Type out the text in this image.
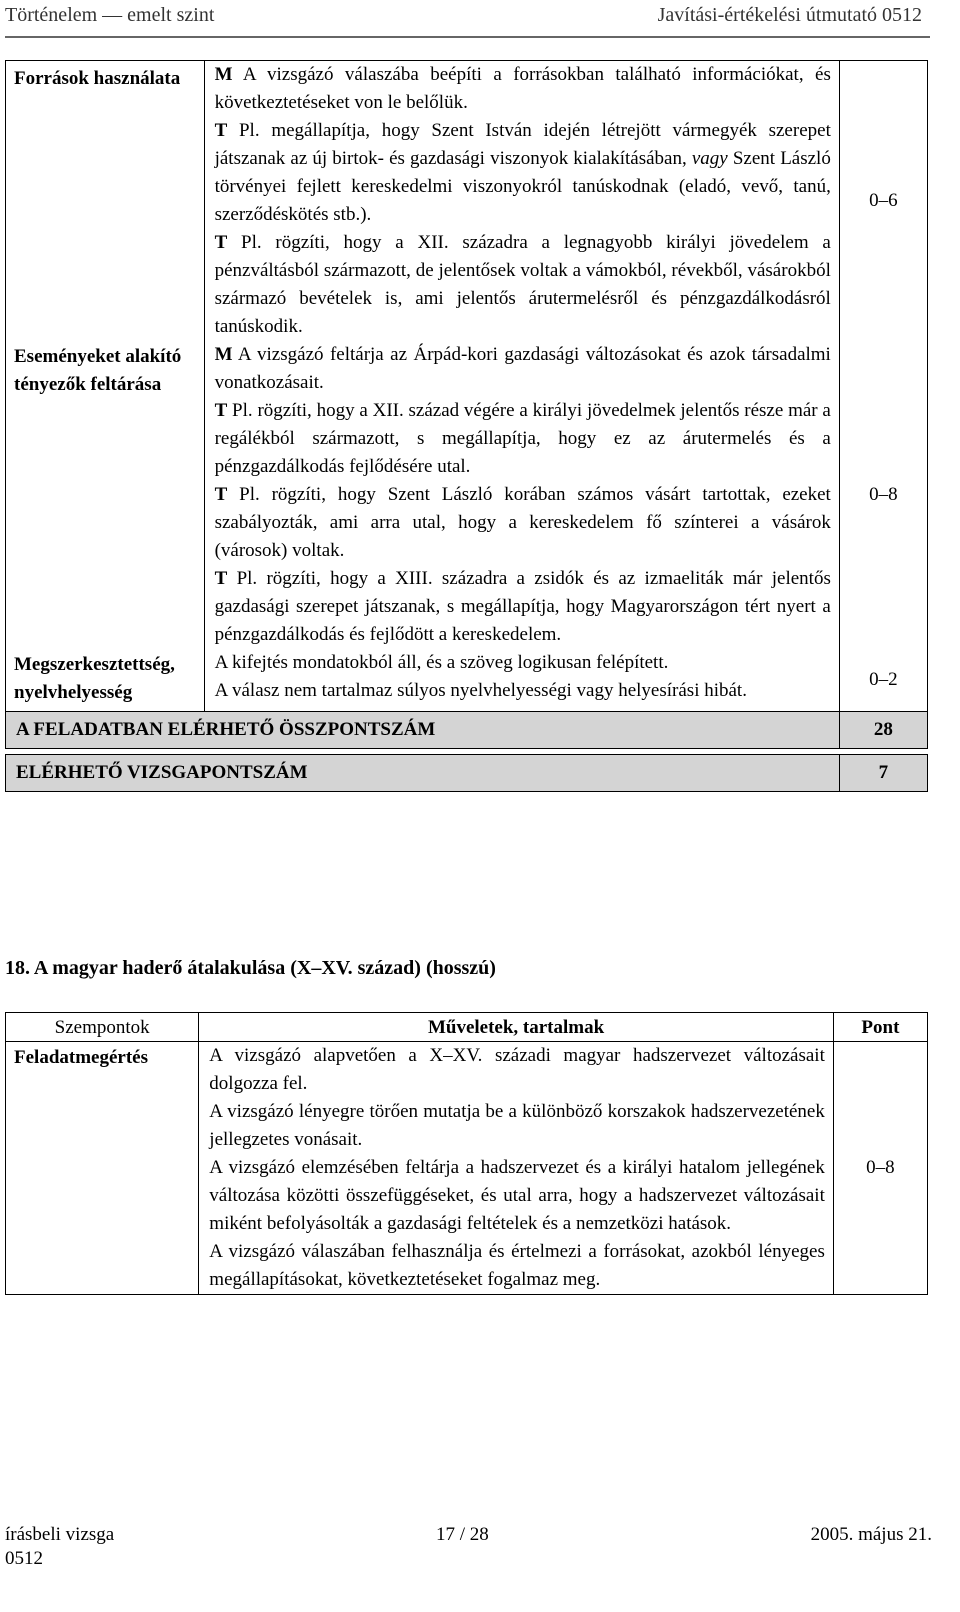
Történelem — emelt szint	Javítási-értékelési útmutató 0512
Források használata	M A vizsgázó válaszába beépíti a forrásokban található információkat, és következtetéseket von le belőlük.
T Pl. megállapítja, hogy Szent István idején létrejött vármegyék szerepet játszanak az új birtok- és gazdasági viszonyok kialakításában, vagy Szent László törvényei fejlett kereskedelmi viszonyokról tanúskodnak (eladó, vevő, tanú, szerződéskötés stb.).
T Pl. rögzíti, hogy a XII. századra a legnagyobb királyi jövedelem a pénzváltásból származott, de jelentősek voltak a vámokból, révekből, vásárokból származó bevételek is, ami jelentős árutermelésről és pénzgazdálkodásról tanúskodik.	0–6
Eseményeket alakító tényezők feltárása	M A vizsgázó feltárja az Árpád-kori gazdasági változásokat és azok társadalmi vonatkozásait.
T Pl. rögzíti, hogy a XII. század végére a királyi jövedelmek jelentős része már a regálékból származott, s megállapítja, hogy ez az árutermelés és a pénzgazdálkodás fejlődésére utal.
T Pl. rögzíti, hogy Szent László korában számos vásárt tartottak, ezeket szabályozták, ami arra utal, hogy a kereskedelem fő színterei a vásárok (városok) voltak.
T Pl. rögzíti, hogy a XIII. századra a zsidók és az izmaeliták már jelentős gazdasági szerepet játszanak, s megállapítja, hogy Magyarországon tért nyert a pénzgazdálkodás és fejlődött a kereskedelem.	0–8
Megszerkesztettség, nyelvhelyesség	A kifejtés mondatokból áll, és a szöveg logikusan felépített.
A válasz nem tartalmaz súlyos nyelvhelyességi vagy helyesírási hibát.	0–2
A FELADATBAN ELÉRHETŐ ÖSSZPONTSZÁM		28

ELÉRHETŐ VIZSGAPONTSZÁM		7
18. A magyar haderő átalakulása (X–XV. század) (hosszú)
Szempontok	Műveletek, tartalmak	Pont
Feladatmegértés	A vizsgázó alapvetően a X–XV. századi magyar hadszervezet változásait dolgozza fel.
A vizsgázó lényegre törően mutatja be a különböző korszakok hadszervezetének jellegzetes vonásait.
A vizsgázó elemzésében feltárja a hadszervezet és a királyi hatalom jellegének változása közötti összefüggéseket, és utal arra, hogy a hadszervezet változásait miként befolyásolták a gazdasági feltételek és a nemzetközi hatások.
A vizsgázó válaszában felhasználja és értelmezi a forrásokat, azokból lényeges megállapításokat, következtetéseket fogalmaz meg.	0–8
írásbeli vizsga	17 / 28	2005. május 21.
0512
